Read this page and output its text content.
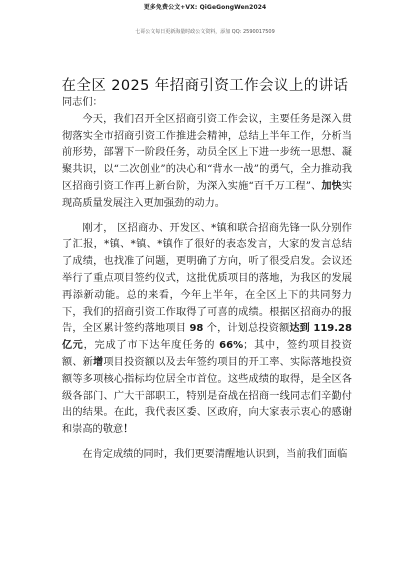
更多免费公文+VX: QiGeGongWen2024
七哥公文每日更新海量时政公文资料，添加 QQ: 2590017509
在全区 2025 年招商引资工作会议上的讲话
同志们：

今天，我们召开全区招商引资工作会议，主要任务是深入贯彻落实全市招商引资工作推进会精神，总结上半年工作，分析当前形势，部署下一阶段任务，动员全区上下进一步统一思想、凝聚共识，以“二次创业”的决心和“背水一战”的勇气，全力推动我区招商引资工作再上新台阶，为深入实施“百千万工程”、加快实现高质量发展注入更加强劲的动力。

刚才， 区招商办、开发区、*镇和联合招商先锋一队分别作了汇报，*镇、*镇、*镇作了很好的表态发言，大家的发言总结了成绩，也找准了问题，更明确了方向，听了很受启发。会议还举行了重点项目签约仪式，这批优质项目的落地，为我区的发展再添新动能。总的来看，今年上半年，在全区上下的共同努力下，我们的招商引资工作取得了可喜的成绩。根据区招商办的报告，全区累计签约落地项目 98 个，计划总投资额达到 119.28 亿元，完成了市下达年度任务的 66%；其中，签约项目投资额、新增项目投资额以及去年签约项目的开工率、实际落地投资额等多项核心指标均位居全市首位。这些成绩的取得，是全区各级各部门、广大干部职工，特别是奋战在招商一线同志们辛勤付出的结果。在此，我代表区委、区政府，向大家表示衷心的感谢和崇高的敬意！

在肯定成绩的同时，我们更要清醒地认识到，当前我们面临
